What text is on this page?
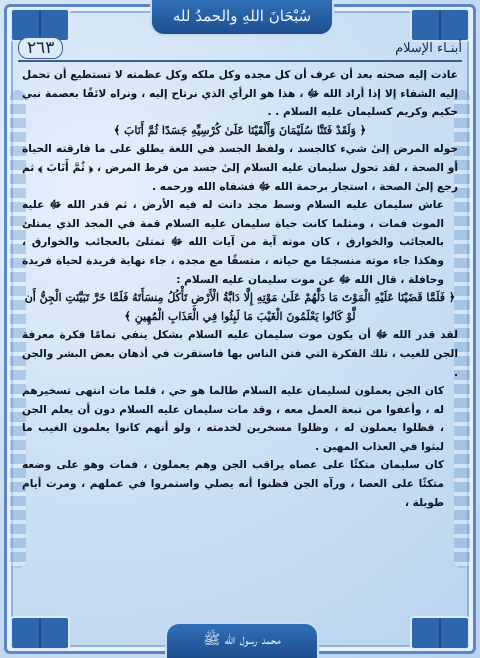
سُبْحَانَ اللهِ والحمدُ لله
٢٦٣	أبنـاء الإسلام

عادت إليه صحته بعد أن عرف أن كل مجده وكل ملكه وكل عظمته لا تستطيع أن تحمل إليه الشفاء إلا إذا أراد الله ﷻ ، هذا هو الرأي الذي نرتاح إليه ، ونراه لائقًا بعصمة نبي حكيم وكريم كسليمان عليه السلام . .

﴿ وَلَقَدْ فَتَنَّا سُلَيْمَانَ وَأَلْقَيْنَا عَلَىٰ كُرْسِيِّهِ جَسَدًا ثُمَّ أَنَابَ ﴾

حوله المرض إلىٰ شيء كالجسد ، ولفظ الجسد في اللغة يطلق على ما فارقته الحياة أو الصحة ، لقد تحول سليمان عليه السلام إلىٰ جسد من فرط المرض ، ﴿ ثُمَّ أَنَابَ ﴾ ثم رجع إلىٰ الصحة ، استجار برحمة الله ﷻ فشفاه الله ورحمه .

عاش سليمان عليه السلام وسط مجد دانت له فيه الأرض ، ثم قدر الله ﷻ عليه الموت فمات ، ومثلما كانت حياة سليمان عليه السلام قمة في المجد الذي يمتلئ بالعجائب والخوارق ، كان موته آية من آيات الله ﷻ تمتلئ بالعجائب والخوارق ، وهكذا جاء موته منسجمًا مع حياته ، متسقًا مع مجده ، جاء نهاية فريدة لحياة فريدة وحافلة ، قال الله ﷻ عن موت سليمان عليه السلام :

﴿ فَلَمَّا قَضَيْنَا عَلَيْهِ الْمَوْتَ مَا دَلَّهُمْ عَلَىٰ مَوْتِهِ إِلَّا دَابَّةُ الْأَرْضِ تَأْكُلُ مِنسَأَتَهُ فَلَمَّا خَرَّ تَبَيَّنَتِ الْجِنُّ أَن لَّوْ كَانُوا يَعْلَمُونَ الْغَيْبَ مَا لَبِثُوا فِي الْعَذَابِ الْمُهِينِ ﴾

لقد قدر الله ﷻ أن يكون موت سليمان عليه السلام بشكل ينفي تمامًا فكرة معرفة الجن للغيب ، تلك الفكرة التي فتن الناس بها فاستقرت في أذهان بعض البشر والجن .

كان الجن يعملون لسليمان عليه السلام طالما هو حي ، فلما مات انتهى تسخيرهم له ، وأعفوا من تبعة العمل معه ، وقد مات سليمان عليه السلام دون أن يعلم الجن ، فظلوا يعملون له ، وظلوا مسخرين لخدمته ، ولو أنهم كانوا يعلمون الغيب ما لبثوا في العذاب المهين .

كان سليمان متكئًا على عصاه يراقب الجن وهم يعملون ، فمات وهو على وضعه متكئًا على العصا ، ورآه الجن فظنوا أنه يصلي واستمروا في عملهم ، ومرت أيام طويلة ،

محمد رسول الله ﷺ
